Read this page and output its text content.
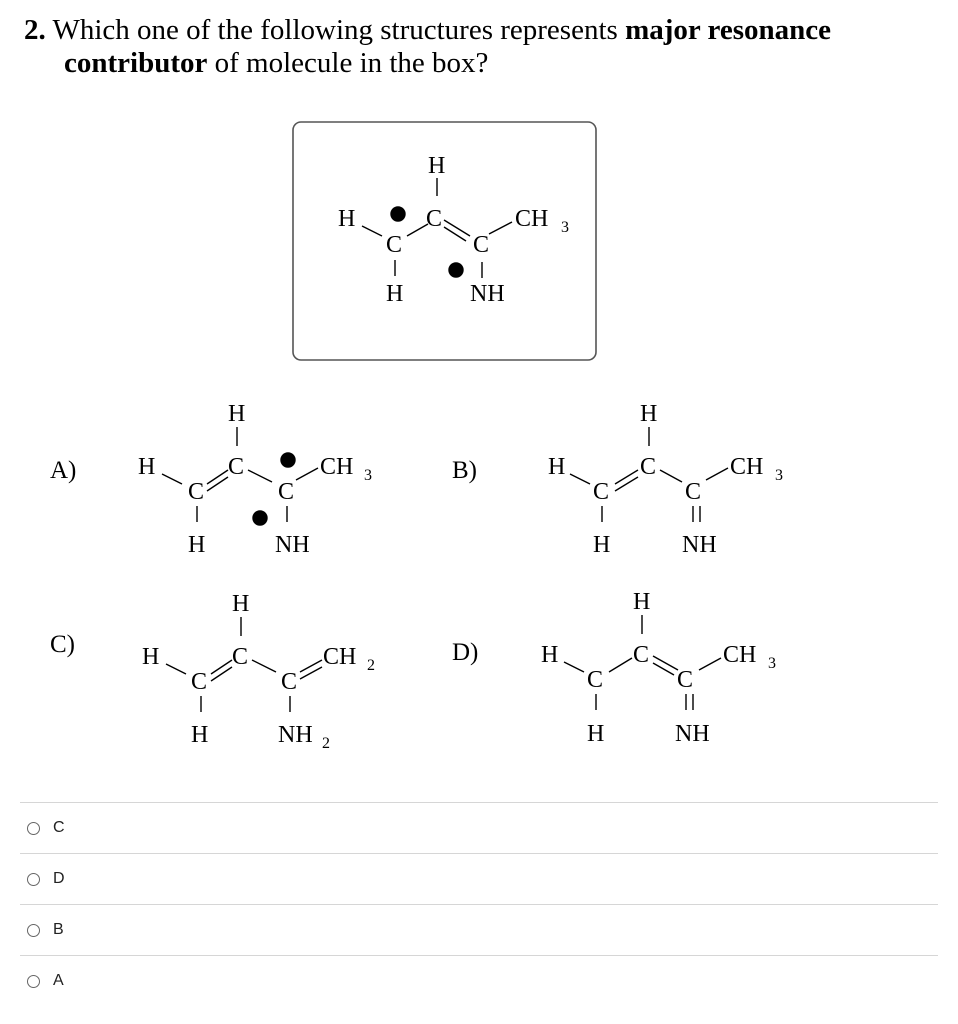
2. Which one of the following structures represents major resonance
contributor of molecule in the box?
H
H	C
C
CH 3
C
H	NH
A)
H
H	C	CH 3
C	C
H	NH
B)
H
H	C	CH 3
C	C
H	NH
C)
H
H	C	CH 2
C	C
H	NH 2
D)
H
H	C	CH 3
C	C
H	NH
C
D
B
A
